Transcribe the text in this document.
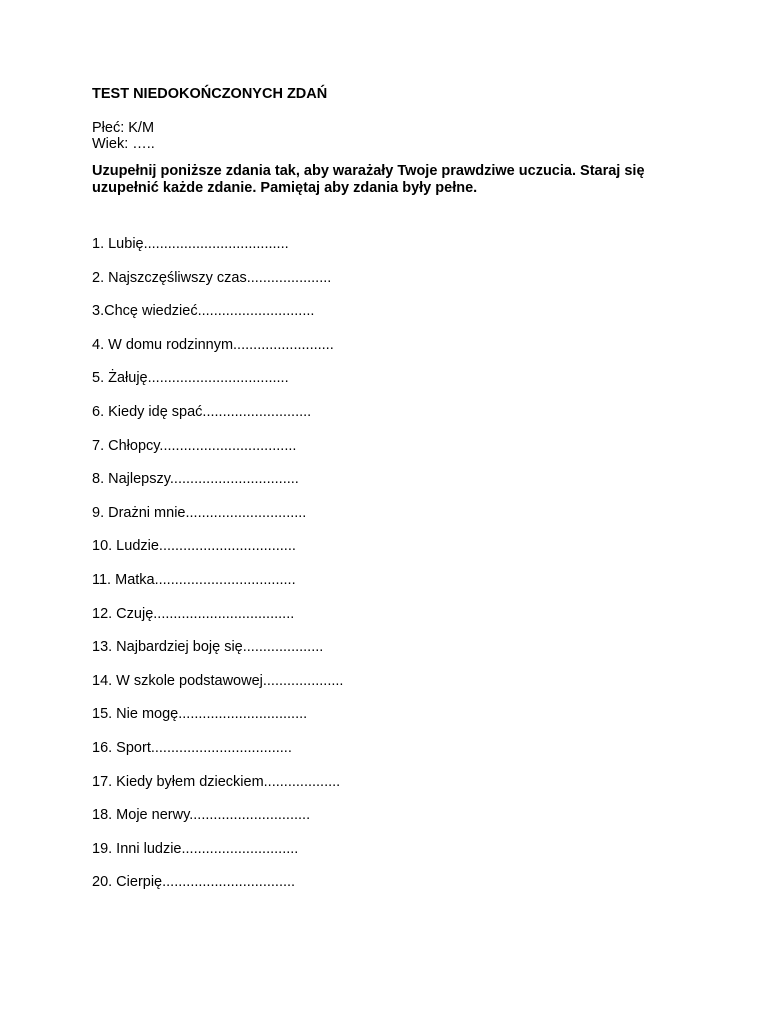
TEST NIEDOKOŃCZONYCH ZDAŃ
Płeć: K/M
Wiek: …..
Uzupełnij poniższe zdania tak, aby warażały Twoje prawdziwe uczucia. Staraj się uzupełnić każde zdanie. Pamiętaj aby zdania były pełne.
1. Lubię....................................
2. Najszczęśliwszy czas.....................
3.Chcę wiedzieć.............................
4. W domu rodzinnym.........................
5. Żałuję...................................
6. Kiedy idę spać...........................
7. Chłopcy..................................
8. Najlepszy................................
9. Drażni mnie..............................
10. Ludzie..................................
11. Matka...................................
12. Czuję...................................
13. Najbardziej boję się....................
14. W szkole podstawowej....................
15. Nie mogę................................
16. Sport...................................
17. Kiedy byłem dzieckiem...................
18. Moje nerwy..............................
19. Inni ludzie.............................
20. Cierpię.................................
